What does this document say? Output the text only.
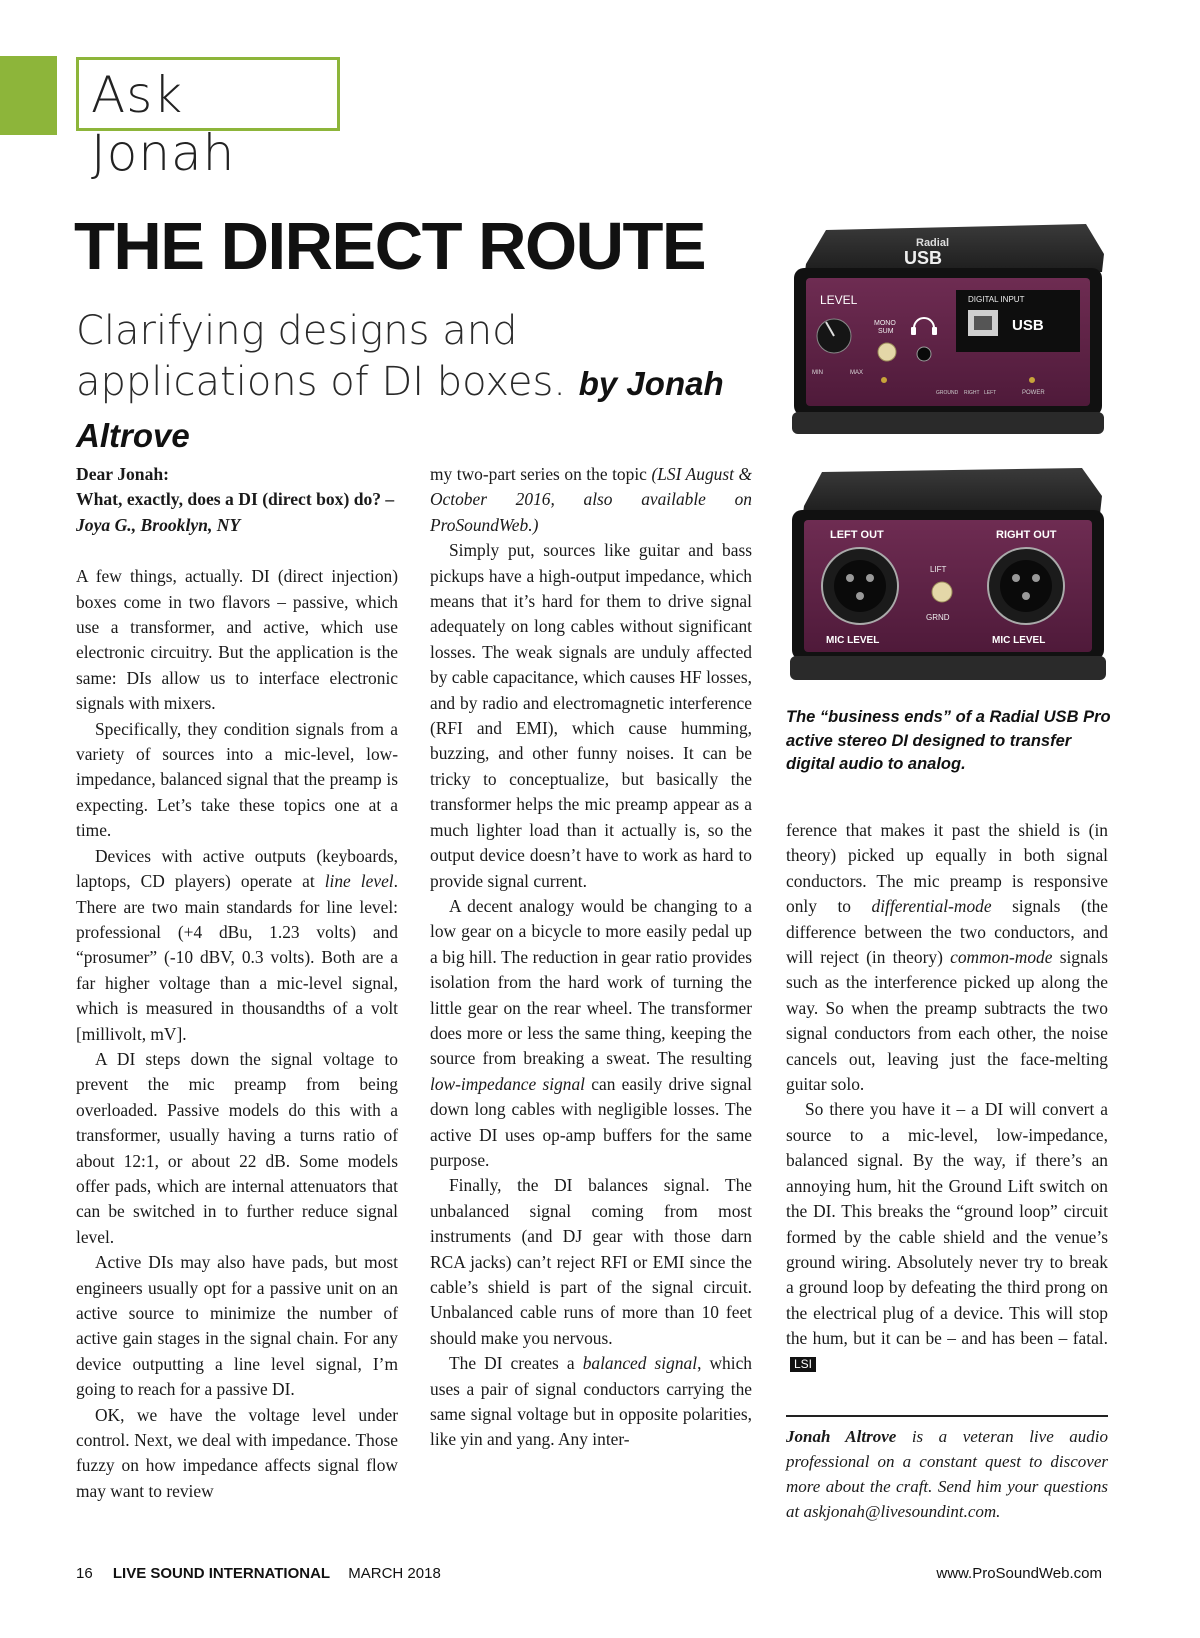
Ask Jonah
THE DIRECT ROUTE
Clarifying designs and applications of DI boxes. by Jonah Altrove

Dear Jonah:
What, exactly, does a DI (direct box) do? – Joya G., Brooklyn, NY

A few things, actually. DI (direct injection) boxes come in two flavors – passive, which use a transformer, and active, which use electronic circuitry. But the application is the same: DIs allow us to interface electronic signals with mixers.

Specifically, they condition signals from a variety of sources into a mic-level, low-impedance, balanced signal that the preamp is expecting. Let’s take these topics one at a time.

Devices with active outputs (keyboards, laptops, CD players) operate at line level. There are two main standards for line level: professional (+4 dBu, 1.23 volts) and “prosumer” (-10 dBV, 0.3 volts). Both are a far higher voltage than a mic-level signal, which is measured in thousandths of a volt [millivolt, mV].

A DI steps down the signal voltage to prevent the mic preamp from being overloaded. Passive models do this with a transformer, usually having a turns ratio of about 12:1, or about 22 dB. Some models offer pads, which are internal attenuators that can be switched in to further reduce signal level.

Active DIs may also have pads, but most engineers usually opt for a passive unit on an active source to minimize the number of active gain stages in the signal chain. For any device outputting a line level signal, I’m going to reach for a passive DI.

OK, we have the voltage level under control. Next, we deal with impedance. Those fuzzy on how impedance affects signal flow may want to review

my two-part series on the topic (LSI August & October 2016, also available on ProSoundWeb.)

Simply put, sources like guitar and bass pickups have a high-output impedance, which means that it’s hard for them to drive signal adequately on long cables without significant losses. The weak signals are unduly affected by cable capacitance, which causes HF losses, and by radio and electromagnetic interference (RFI and EMI), which cause humming, buzzing, and other funny noises. It can be tricky to conceptualize, but basically the transformer helps the mic preamp appear as a much lighter load than it actually is, so the output device doesn’t have to work as hard to provide signal current.

A decent analogy would be changing to a low gear on a bicycle to more easily pedal up a big hill. The reduction in gear ratio provides isolation from the hard work of turning the little gear on the rear wheel. The transformer does more or less the same thing, keeping the source from breaking a sweat. The resulting low-impedance signal can easily drive signal down long cables with negligible losses. The active DI uses op-amp buffers for the same purpose.

Finally, the DI balances signal. The unbalanced signal coming from most instruments (and DJ gear with those darn RCA jacks) can’t reject RFI or EMI since the cable’s shield is part of the signal circuit. Unbalanced cable runs of more than 10 feet should make you nervous.

The DI creates a balanced signal, which uses a pair of signal conductors carrying the same signal voltage but in opposite polarities, like yin and yang. Any inter-

Radial
USB
LEVEL
MIN	MAX
MONO
SUM
GROUND RIGHT LEFT
DIGITAL INPUT
USB
POWER
LEFT OUT	RIGHT OUT
LIFT
GRND
MIC LEVEL	MIC LEVEL
The “business ends” of a Radial USB Pro active stereo DI designed to transfer digital audio to analog.

ference that makes it past the shield is (in theory) picked up equally in both signal conductors. The mic preamp is responsive only to differential-mode signals (the difference between the two conductors, and will reject (in theory) common-mode signals such as the interference picked up along the way. So when the preamp subtracts the two signal conductors from each other, the noise cancels out, leaving just the face-melting guitar solo.

So there you have it – a DI will convert a source to a mic-level, low-impedance, balanced signal. By the way, if there’s an annoying hum, hit the Ground Lift switch on the DI. This breaks the “ground loop” circuit formed by the cable shield and the venue’s ground wiring. Absolutely never try to break a ground loop by defeating the third prong on the electrical plug of a device. This will stop the hum, but it can be – and has been – fatal. LSI

Jonah Altrove is a veteran live audio professional on a constant quest to discover more about the craft. Send him your questions at askjonah@livesoundint.com.
16 LIVE SOUND INTERNATIONAL MARCH 2018	www.ProSoundWeb.com
